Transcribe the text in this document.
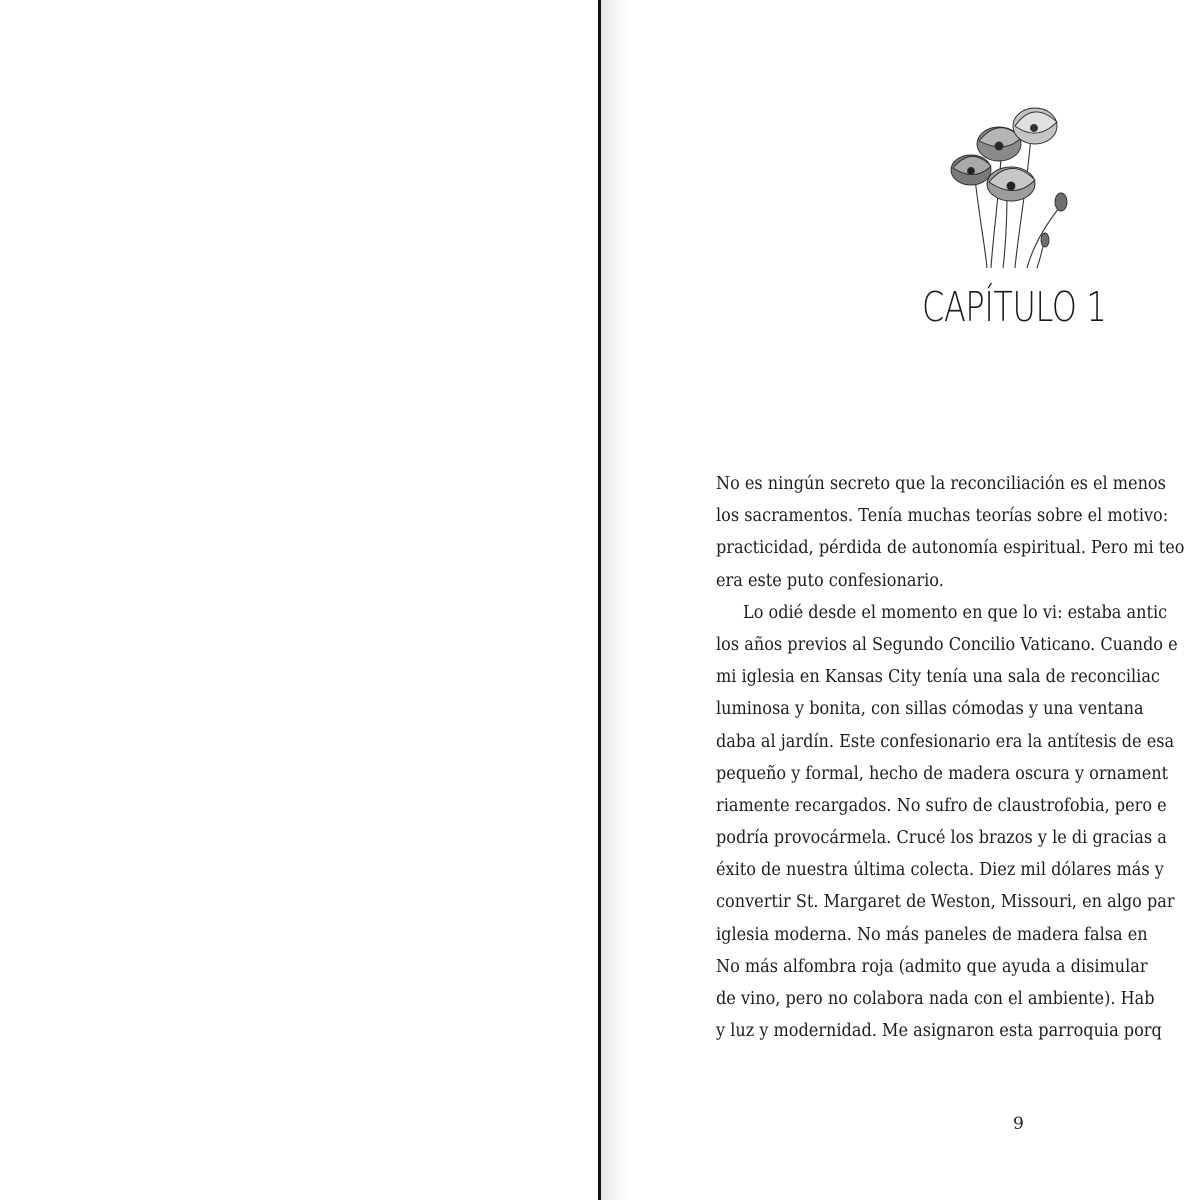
CAPÍTULO 1
No es ningún secreto que la reconciliación es el menos
los sacramentos. Tenía muchas teorías sobre el motivo:
practicidad, pérdida de autonomía espiritual. Pero mi teo
era este puto confesionario.
Lo odié desde el momento en que lo vi: estaba antic
los años previos al Segundo Concilio Vaticano. Cuando e
mi iglesia en Kansas City tenía una sala de reconciliac
luminosa y bonita, con sillas cómodas y una ventana
daba al jardín. Este confesionario era la antítesis de esa
pequeño y formal, hecho de madera oscura y ornament
riamente recargados. No sufro de claustrofobia, pero e
podría provocármela. Crucé los brazos y le di gracias a
éxito de nuestra última colecta. Diez mil dólares más y
convertir St. Margaret de Weston, Missouri, en algo par
iglesia moderna. No más paneles de madera falsa en
No más alfombra roja (admito que ayuda a disimular
de vino, pero no colabora nada con el ambiente). Hab
y luz y modernidad. Me asignaron esta parroquia porq
9
